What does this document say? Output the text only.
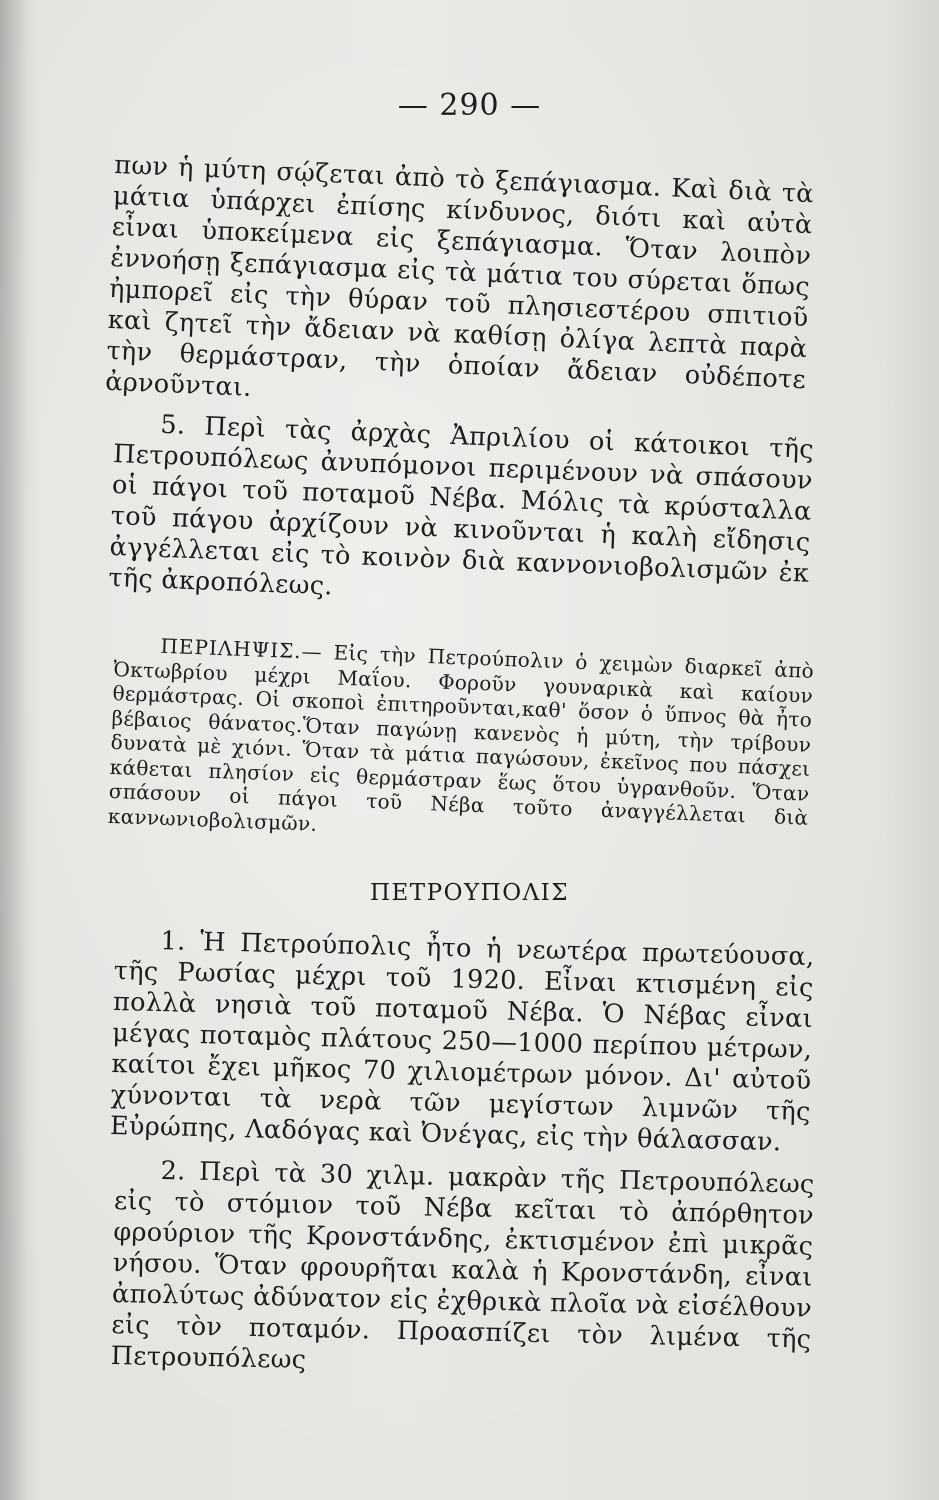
— 290 —

πων ἡ μύτη σῴζεται ἀπὸ τὸ ξεπάγιασμα. Καὶ διὰ τὰ μάτια ὑπάρχει ἐπίσης κίνδυνος, διότι καὶ αὐτὰ εἶναι ὑποκείμενα εἰς ξεπάγιασμα. Ὅταν λοιπὸν ἐννοήσῃ ξεπάγιασμα εἰς τὰ μάτια του σύρεται ὅπως ἠμπορεῖ εἰς τὴν θύραν τοῦ πλησιεστέρου σπιτιοῦ καὶ ζητεῖ τὴν ἄδειαν νὰ καθίσῃ ὀλίγα λεπτὰ παρὰ τὴν θερμάστραν, τὴν ὁποίαν ἄδειαν οὐδέποτε ἀρνοῦνται.

5. Περὶ τὰς ἀρχὰς Ἀπριλίου οἱ κάτοικοι τῆς Πετρουπόλεως ἀνυπόμονοι περιμένουν νὰ σπάσουν οἱ πάγοι τοῦ ποταμοῦ Νέβα. Μόλις τὰ κρύσταλλα τοῦ πάγου ἀρχίζουν νὰ κινοῦνται ἡ καλὴ εἴδησις ἀγγέλλεται εἰς τὸ κοινὸν διὰ καννονιοβολισμῶν ἐκ τῆς ἀκροπόλεως.

ΠΕΡΙΛΗΨΙΣ.— Εἰς τὴν Πετρούπολιν ὁ χειμὼν διαρκεῖ ἀπὸ Ὀκτωβρίου μέχρι Μαΐου. Φοροῦν γουναρικὰ καὶ καίουν θερμάστρας. Οἱ σκοποὶ ἐπιτηροῦνται,καθ' ὅσον ὁ ὕπνος θὰ ἦτο βέβαιος θάνατος.Ὅταν παγώνῃ κανενὸς ἡ μύτη, τὴν τρίβουν δυνατὰ μὲ χιόνι. Ὅταν τὰ μάτια παγώσουν, ἐκεῖνος που πάσχει κάθεται πλησίον εἰς θερμάστραν ἕως ὅτου ὑγρανθοῦν. Ὅταν σπάσουν οἱ πάγοι τοῦ Νέβα τοῦτο ἀναγγέλλεται διὰ καννωνιοβολισμῶν.

ΠΕΤΡΟΥΠΟΛΙΣ

1. Ἡ Πετρούπολις ἦτο ἡ νεωτέρα πρωτεύουσα, τῆς Ρωσίας μέχρι τοῦ 1920. Εἶναι κτισμένη εἰς πολλὰ νησιὰ τοῦ ποταμοῦ Νέβα. Ὁ Νέβας εἶναι μέγας ποταμὸς πλάτους 250—1000 περίπου μέτρων, καίτοι ἔχει μῆκος 70 χιλιομέτρων μόνον. Δι' αὐτοῦ χύνονται τὰ νερὰ τῶν μεγίστων λιμνῶν τῆς Εὐρώπης, Λαδόγας καὶ Ὀνέγας, εἰς τὴν θάλασσαν.

2. Περὶ τὰ 30 χιλμ. μακρὰν τῆς Πετρουπόλεως εἰς τὸ στόμιον τοῦ Νέβα κεῖται τὸ ἀπόρθητον φρούριον τῆς Κρονστάνδης, ἐκτισμένον ἐπὶ μικρᾶς νήσου. Ὅταν φρουρῆται καλὰ ἡ Κρονστάνδη, εἶναι ἀπολύτως ἀδύνατον εἰς ἐχθρικὰ πλοῖα νὰ εἰσέλθουν εἰς τὸν ποταμόν. Προασπίζει τὸν λιμένα τῆς Πετρουπόλεως
